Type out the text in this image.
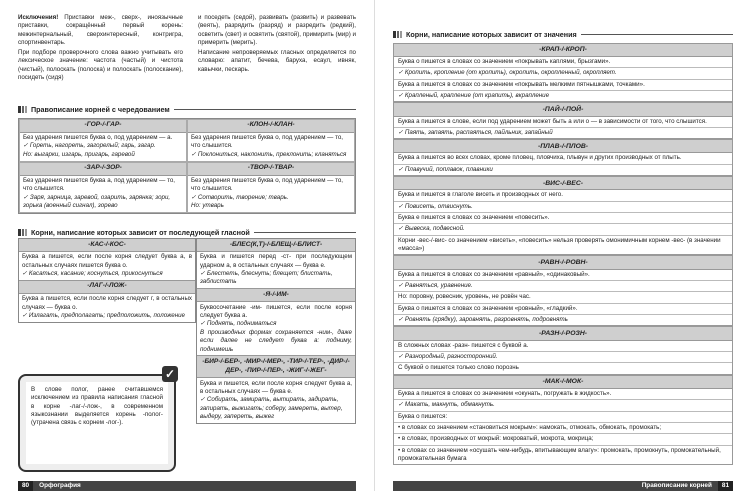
Исключения! Приставки меж-, сверх-, иноязычные приставки, сокращённый первый корень: межинтернальный, сверхинтересный, контригра, спортинвентарь.

При подборе проверочного слова важно учитывать его лексическое значение: частота (частый) и чистота (чистый), полоскать (полоска) и полоскать (полоскание), посидеть (сидя)

и поседеть (седой), развивать (развить) и развевать (веять), разрядить (разряд) и разредить (редкий), осветить (свет) и освятить (святой), примирить (мир) и примерить (мерить).

Написание непроверяемых гласных определяется по словарю: апатит, бечева, баруха, есаул, ивняк, кавычки, пескарь.

Правописание корней с чередованием
-ГОР-/-ГАР-
Без ударения пишется буква о, под ударением — а.
✓ Гореть, нагореть, загорелый; гарь, загар.
Но: выгарки, изгарь, пригарь, гаревой
-КЛОН-/-КЛАН-
Без ударения пишется буква о, под ударением — то, что слышится.
✓ Поклониться, наклонить, преклонить; кланяться
-ЗАР-/-ЗОР-
Без ударения пишется буква а, под ударением — то, что слышится.
✓ Заря, зарница, заревой, озарить, зарянка; зори, зорька (военный сигнал), зорево
-ТВОР-/-ТВАР-
Без ударения пишется буква о, под ударением — то, что слышится.
✓ Сотворить, творение; тварь.
Но: утварь
Корни, написание которых зависит от последующей гласной
-КАС-/-КОС-
Буква а пишется, если после корня следует буква а, в остальных случаях пишется буква о.
✓ Касаться, касание; коснуться, прикоснуться
-ЛАГ-/-ЛОЖ-
Буква а пишется, если после корня следует г, в остальных случаях — буква о.
✓ Излагать, предполагать; предположить, положение
-БЛЕС(К,Т)-/-БЛЕЩ-/-БЛИСТ-
Буква и пишется перед -ст- при последующем ударном а, в остальных случаях — буква е.
✓ Блестеть, блеснуть; блещет; блистать, заблистать
-Я-/-ИМ-
Буквосочетание -им- пишется, если после корня следует буква а.
✓ Поднять, подниматься
В производных формах сохраняется -ним-, даже если далее не следует буква а: подниму, поднимешь
-БИР-/-БЕР-, -МИР-/-МЕР-, -ТИР-/-ТЕР-, -ДИР-/-ДЕР-, -ПИР-/-ПЕР-, -ЖИГ-/-ЖЕГ-
Буква и пишется, если после корня следует буква а, в остальных случаях — буква е.
✓ Собирать, замирать, вытирать, задирать, запирать, выжигать; соберу, замереть, вытер, выдеру, запереть, выжег
✓
В слове полог, ранее считавшемся исключением из правила написания гласной в корне -лаг-/-лож-, в современном языкознании выделяется корень -полог- (утрачена связь с корнем -лог-).
80	Орфография
Корни, написание которых зависит от значения
-КРАП-/-КРОП-
Буква о пишется в словах со значением «покрывать каплями, брызгами».
✓ Кропить, кропление (от кропить), окропить, окропленный, окропляет.
Буква а пишется в словах со значением «покрывать мелкими пятнышками, точками».
✓ Крапленый, крапление (от крапить), вкрапление
-ПАЙ-/-ПОЙ-
Буква а пишется в слове, если под ударением может быть а или о — в зависимости от того, что слышится.
✓ Паять, запаять, распаяться, пайльник, запайный
-ПЛАВ-/-ПЛОВ-
Буква а пишется во всех словах, кроме пловец, пловчиха, плывун и других производных от плыть.
✓ Плавучий, поплавок, плавники
-ВИС-/-ВЕС-
Буква и пишется в глаголе висеть и производных от него.
✓ Повисеть, отвиснуть.
Буква е пишется в словах со значением «повесить».
✓ Вывеска, подвесной.
Корни -вес-/-вис- со значением «висеть», «повесить» нельзя проверять омонимичным корнем -вес- (в значении «масса»)
-РАВН-/-РОВН-
Буква а пишется в словах со значением «равный», «одинаковый».
✓ Равняться, уравнение.
Но: поровну, ровесник, уровень, не ровён час.
Буква о пишется в словах со значением «ровный», «гладкий».
✓ Ровнять (грядку), заровнять, разровнять, подровнять
-РАЗН-/-РОЗН-
В сложных словах -разн- пишется с буквой а.
✓ Разнородный, разносторонний.
С буквой о пишется только слово порознь
-МАК-/-МОК-
Буква а пишется в словах со значением «окунать, погружать в жидкость».
✓ Макать, макнуть, обмакнуть.
Буква о пишется:
• в словах со значением «становиться мокрым»: намокать, отмокать, обмокать, промокать;
• в словах, производных от мокрый: мокроватый, мокрота, мокрица;
• в словах со значением «осушать чем-нибудь, впитывающим влагу»: промокать, промокнуть, промокательный, промокательная бумага
Правописание корней	81
